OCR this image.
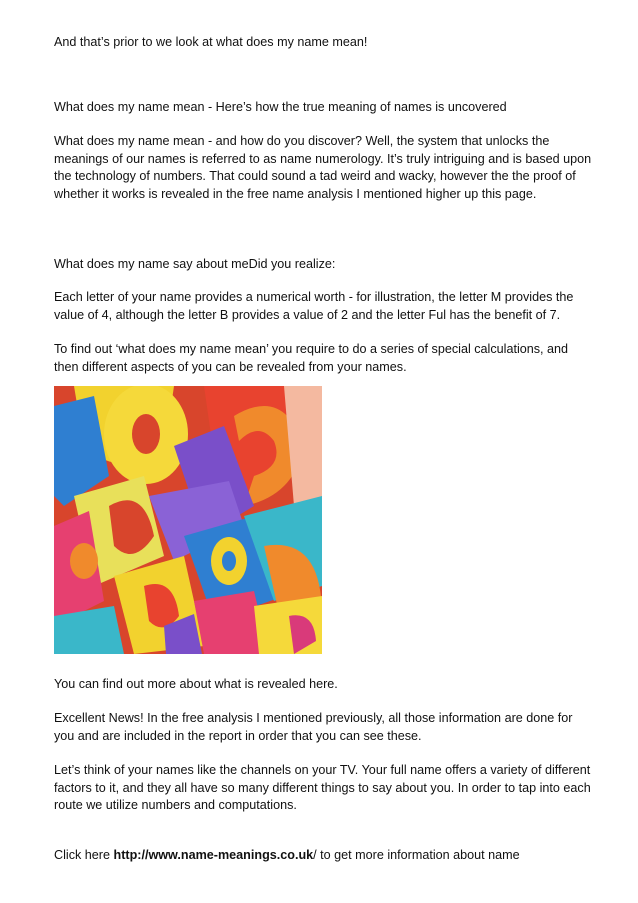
And that’s prior to we look at what does my name mean!

What does my name mean - Here’s how the true meaning of names is uncovered

What does my name mean - and how do you discover? Well, the system that unlocks the meanings of our names is referred to as name numerology. It’s truly intriguing and is based upon the technology of numbers. That could sound a tad weird and wacky, however the the proof of whether it works is revealed in the free name analysis I mentioned higher up this page.

What does my name say about meDid you realize:

Each letter of your name provides a numerical worth - for illustration, the letter M provides the value of 4, although the letter B provides a value of 2 and the letter Ful has the benefit of 7.

To find out ‘what does my name mean’ you require to do a series of special calculations, and then different aspects of you can be revealed from your names.

You can find out more about what is revealed here.

Excellent News! In the free analysis I mentioned previously, all those information are done for you and are included in the report in order that you can see these.

Let’s think of your names like the channels on your TV. Your full name offers a variety of different factors to it, and they all have so many different things to say about you. In order to tap into each route we utilize numbers and computations.

Click here http://www.name-meanings.co.uk/ to get more information about name
